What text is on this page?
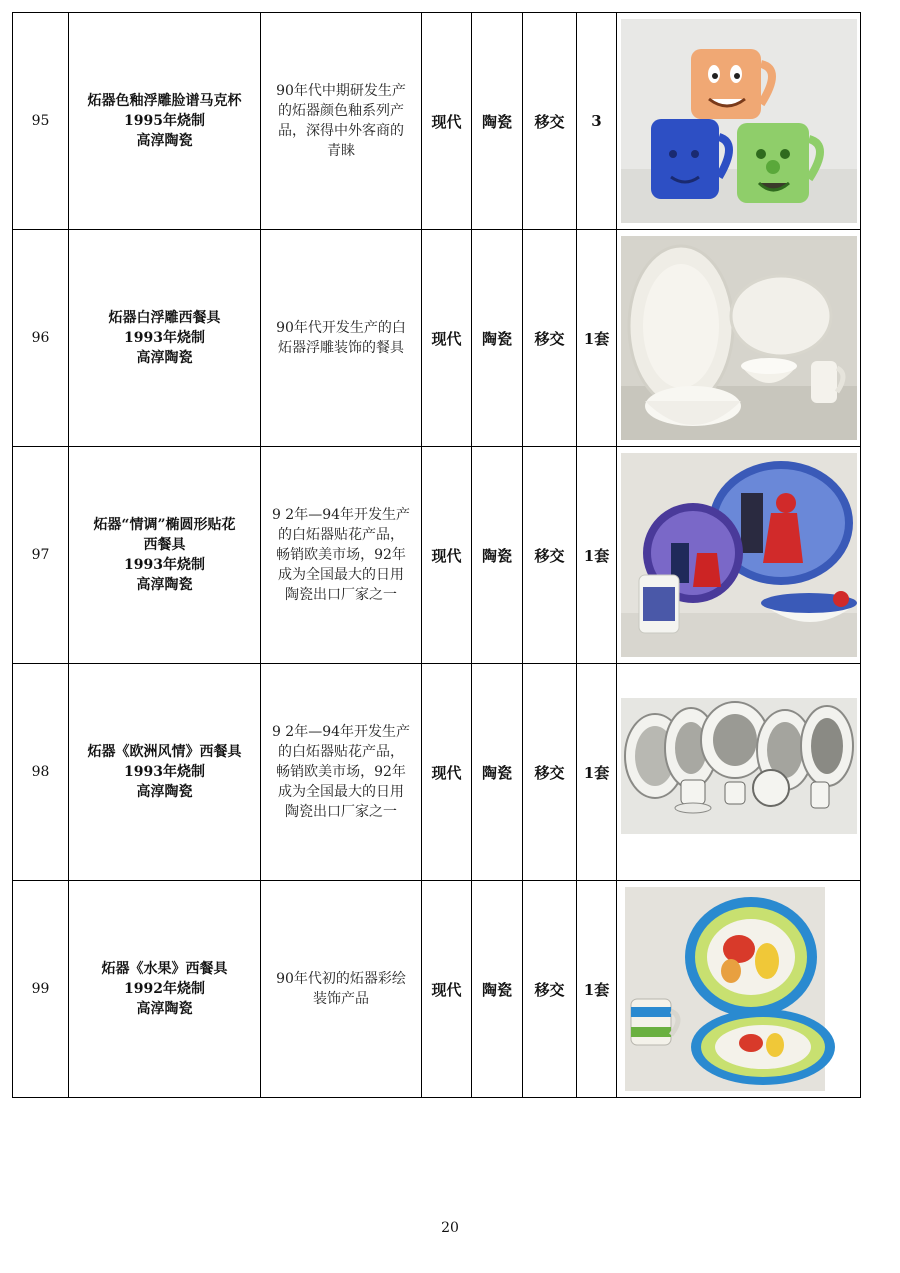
95	炻器色釉浮雕脸谱马克杯
1995年烧制
高淳陶瓷	90年代中期研发生产
的炻器颜色釉系列产
品，深得中外客商的
青睐	现代	陶瓷	移交	3	

96	炻器白浮雕西餐具
1993年烧制
高淳陶瓷	90年代开发生产的白
炻器浮雕装饰的餐具	现代	陶瓷	移交	1套	

97	炻器“情调”椭圆形贴花
西餐具
1993年烧制
高淳陶瓷	9 2年—94年开发生产
的白炻器贴花产品，
畅销欧美市场，92年
成为全国最大的日用
陶瓷出口厂家之一	现代	陶瓷	移交	1套	

98	炻器《欧洲风情》西餐具
1993年烧制
高淳陶瓷	9 2年—94年开发生产
的白炻器贴花产品，
畅销欧美市场，92年
成为全国最大的日用
陶瓷出口厂家之一	现代	陶瓷	移交	1套	

99	炻器《水果》西餐具
1992年烧制
高淳陶瓷	90年代初的炻器彩绘
装饰产品	现代	陶瓷	移交	1套	
20
